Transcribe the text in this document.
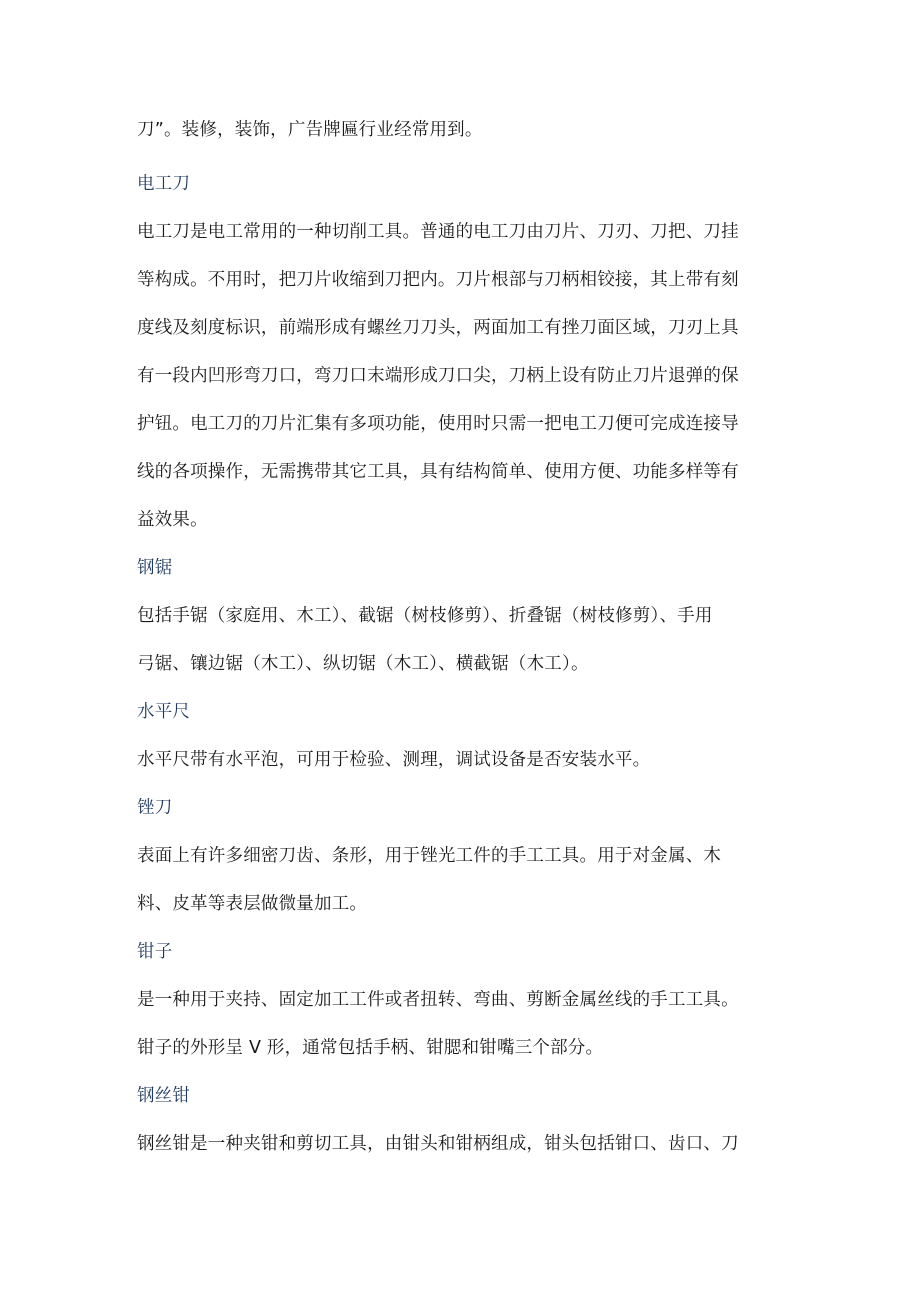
刀”。装修，装饰，广告牌匾行业经常用到。

电工刀

电工刀是电工常用的一种切削工具。普通的电工刀由刀片、刀刃、刀把、刀挂

等构成。不用时，把刀片收缩到刀把内。刀片根部与刀柄相铰接，其上带有刻

度线及刻度标识，前端形成有螺丝刀刀头，两面加工有挫刀面区域，刀刃上具

有一段内凹形弯刀口，弯刀口末端形成刀口尖，刀柄上设有防止刀片退弹的保

护钮。电工刀的刀片汇集有多项功能，使用时只需一把电工刀便可完成连接导

线的各项操作，无需携带其它工具，具有结构简单、使用方便、功能多样等有

益效果。

钢锯

包括手锯（家庭用、木工）、截锯（树枝修剪）、折叠锯（树枝修剪）、手用

弓锯、镶边锯（木工）、纵切锯（木工）、横截锯（木工）。

水平尺

水平尺带有水平泡，可用于检验、测理，调试设备是否安装水平。

锉刀

表面上有许多细密刀齿、条形，用于锉光工件的手工工具。用于对金属、木

料、皮革等表层做微量加工。

钳子

是一种用于夹持、固定加工工件或者扭转、弯曲、剪断金属丝线的手工工具。

钳子的外形呈 V 形，通常包括手柄、钳腮和钳嘴三个部分。

钢丝钳

钢丝钳是一种夹钳和剪切工具，由钳头和钳柄组成，钳头包括钳口、齿口、刀
